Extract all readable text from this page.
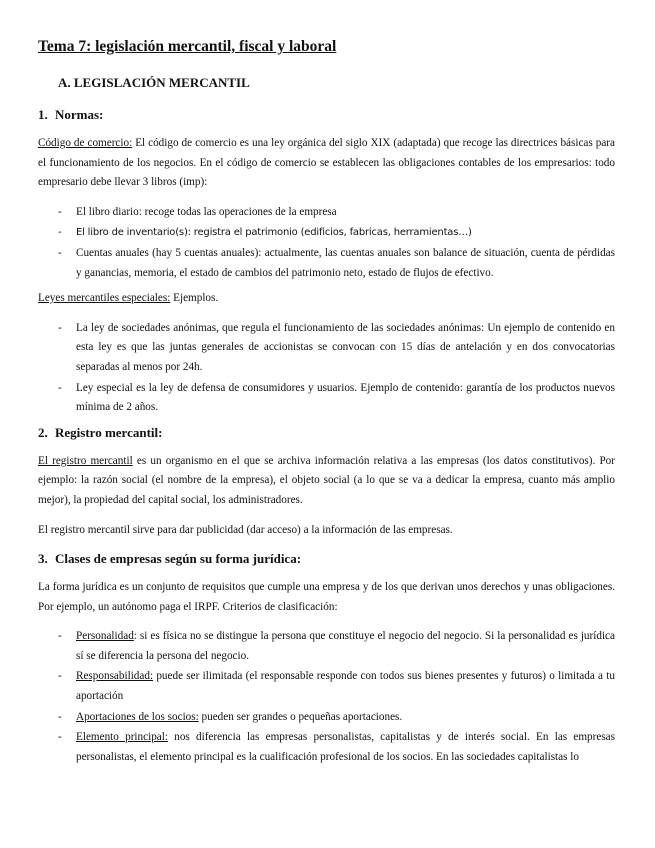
Tema 7: legislación mercantil, fiscal y laboral
A. LEGISLACIÓN MERCANTIL
1. Normas:

Código de comercio: El código de comercio es una ley orgánica del siglo XIX (adaptada) que recoge las directrices básicas para el funcionamiento de los negocios. En el código de comercio se establecen las obligaciones contables de los empresarios: todo empresario debe llevar 3 libros (imp):

- El libro diario: recoge todas las operaciones de la empresa
- El libro de inventario(s): registra el patrimonio (edificios, fabricas, herramientas…)
- Cuentas anuales (hay 5 cuentas anuales): actualmente, las cuentas anuales son balance de situación, cuenta de pérdidas y ganancias, memoria, el estado de cambios del patrimonio neto, estado de flujos de efectivo.

Leyes mercantiles especiales: Ejemplos.

- La ley de sociedades anónimas, que regula el funcionamiento de las sociedades anónimas: Un ejemplo de contenido en esta ley es que las juntas generales de accionistas se convocan con 15 días de antelación y en dos convocatorias separadas al menos por 24h.
- Ley especial es la ley de defensa de consumidores y usuarios. Ejemplo de contenido: garantía de los productos nuevos mínima de 2 años.
2. Registro mercantil:

El registro mercantil es un organismo en el que se archiva información relativa a las empresas (los datos constitutivos). Por ejemplo: la razón social (el nombre de la empresa), el objeto social (a lo que se va a dedicar la empresa, cuanto más amplio mejor), la propiedad del capital social, los administradores.

El registro mercantil sirve para dar publicidad (dar acceso) a la información de las empresas.

3. Clases de empresas según su forma jurídica:

La forma jurídica es un conjunto de requisitos que cumple una empresa y de los que derivan unos derechos y unas obligaciones. Por ejemplo, un autónomo paga el IRPF. Criterios de clasificación:

- Personalidad: si es física no se distingue la persona que constituye el negocio del negocio. Si la personalidad es jurídica sí se diferencia la persona del negocio.
- Responsabilidad: puede ser ilimitada (el responsable responde con todos sus bienes presentes y futuros) o limitada a tu aportación
- Aportaciones de los socios: pueden ser grandes o pequeñas aportaciones.
- Elemento principal: nos diferencia las empresas personalistas, capitalistas y de interés social. En las empresas personalistas, el elemento principal es la cualificación profesional de los socios. En las sociedades capitalistas lo
